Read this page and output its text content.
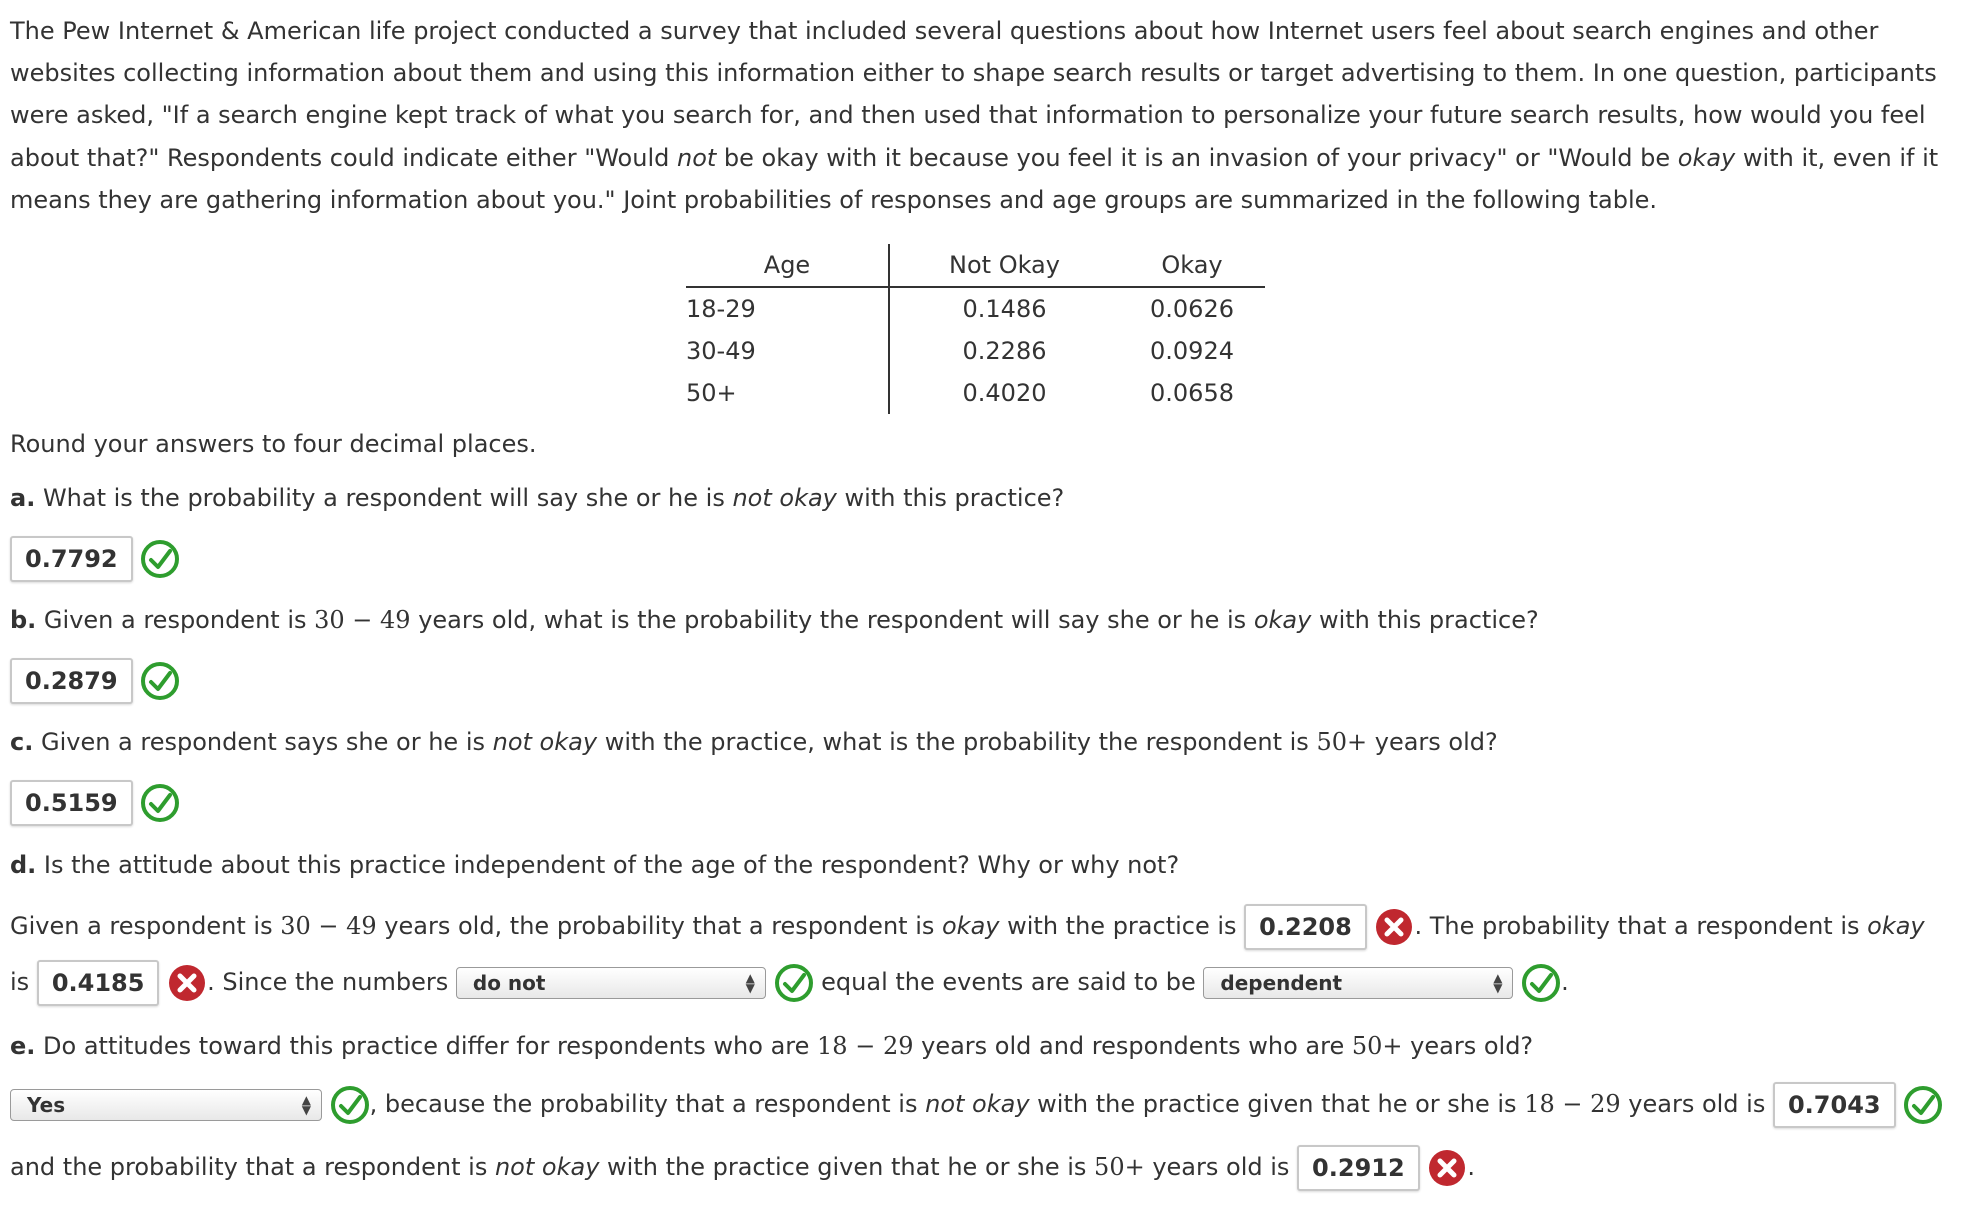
The Pew Internet & American life project conducted a survey that included several questions about how Internet users feel about search engines and other websites collecting information about them and using this information either to shape search results or target advertising to them. In one question, participants were asked, "If a search engine kept track of what you search for, and then used that information to personalize your future search results, how would you feel about that?" Respondents could indicate either "Would not be okay with it because you feel it is an invasion of your privacy" or "Would be okay with it, even if it means they are gathering information about you." Joint probabilities of responses and age groups are summarized in the following table.

Age	Not Okay	Okay
18-29	0.1486	0.0626
30-49	0.2286	0.0924
50+	0.4020	0.0658
Round your answers to four decimal places.
a. What is the probability a respondent will say she or he is not okay with this practice?
0.7792
b. Given a respondent is 30 − 49 years old, what is the probability the respondent will say she or he is okay with this practice?
0.2879
c. Given a respondent says she or he is not okay with the practice, what is the probability the respondent is 50+ years old?
0.5159
d. Is the attitude about this practice independent of the age of the respondent? Why or why not?
Given a respondent is 30 − 49 years old, the probability that a respondent is okay with the practice is 0.2208	. The probability that a respondent is okay
is 0.4185	. Since the numbers do not	▲
▼	equal the events are said to be dependent	▲
▼ .
e. Do attitudes toward this practice differ for respondents who are 18 − 29 years old and respondents who are 50+ years old?
Yes	▲
▼ , because the probability that a respondent is not okay with the practice given that he or she is 18 − 29 years old is 0.7043
and the probability that a respondent is not okay with the practice given that he or she is 50+ years old is 0.2912	.
